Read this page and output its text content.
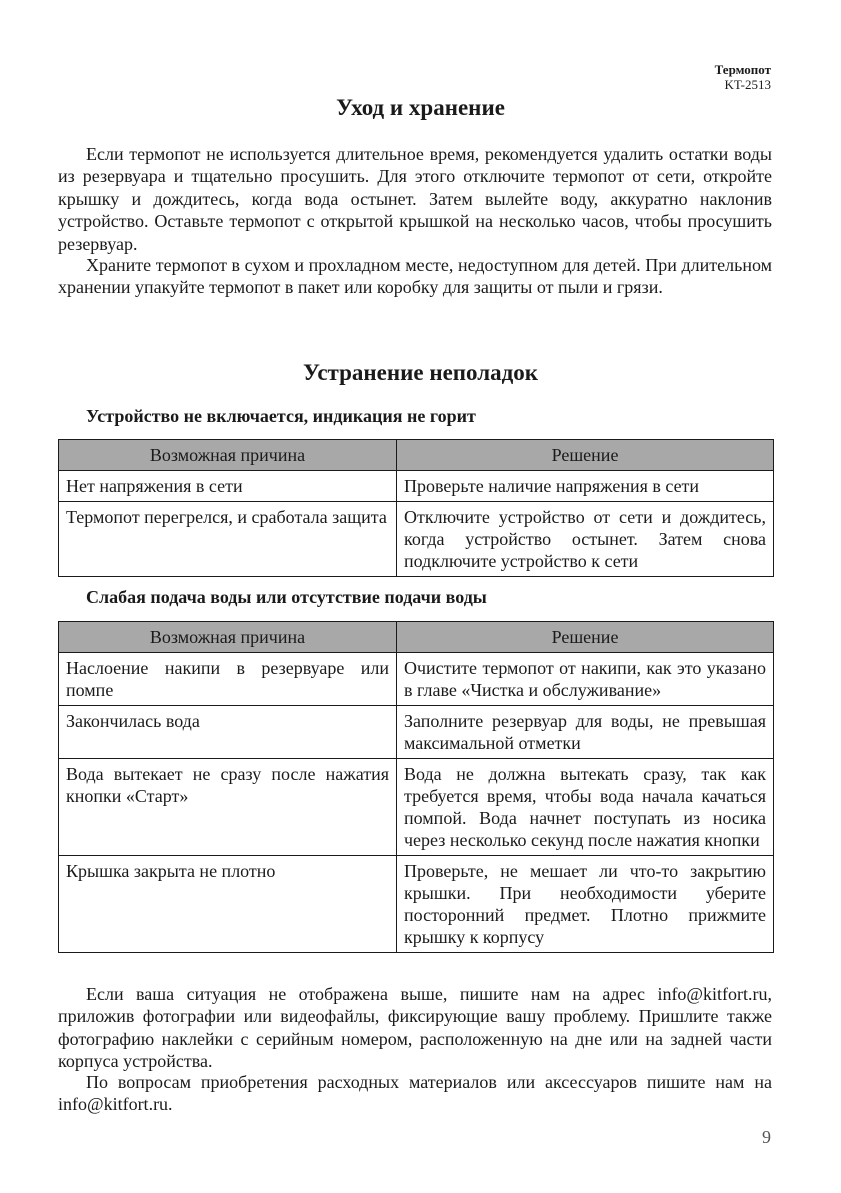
Термопот
KT-2513
Уход и хранение

Если термопот не используется длительное время, рекомендуется удалить остатки воды из резервуара и тщательно просушить. Для этого отключите термопот от сети, откройте крышку и дождитесь, когда вода остынет. Затем вылейте воду, аккуратно наклонив устройство. Оставьте термопот с открытой крышкой на несколько часов, чтобы просушить резервуар.

Храните термопот в сухом и прохладном месте, недоступном для детей. При длительном хранении упакуйте термопот в пакет или коробку для защиты от пыли и грязи.

Устранение неполадок

Устройство не включается, индикация не горит

Возможная причина	Решение
Нет напряжения в сети	Проверьте наличие напряжения в сети
Термопот перегрелся, и сработала защита	Отключите устройство от сети и дождитесь, когда устройство остынет. Затем снова подключите устройство к сети

Слабая подача воды или отсутствие подачи воды

Возможная причина	Решение
Наслоение накипи в резервуаре или помпе	Очистите термопот от накипи, как это указано в главе «Чистка и обслуживание»
Закончилась вода	Заполните резервуар для воды, не превышая максимальной отметки
Вода вытекает не сразу после нажатия кнопки «Старт»	Вода не должна вытекать сразу, так как требуется время, чтобы вода начала качаться помпой. Вода начнет поступать из носика через несколько секунд после нажатия кнопки
Крышка закрыта не плотно	Проверьте, не мешает ли что-то закрытию крышки. При необходимости уберите посторонний предмет. Плотно прижмите крышку к корпусу

Если ваша ситуация не отображена выше, пишите нам на адрес info@kitfort.ru, приложив фотографии или видеофайлы, фиксирующие вашу проблему. Пришлите также фотографию наклейки с серийным номером, расположенную на дне или на задней части корпуса устройства.

По вопросам приобретения расходных материалов или аксессуаров пишите нам на info@kitfort.ru.

9
